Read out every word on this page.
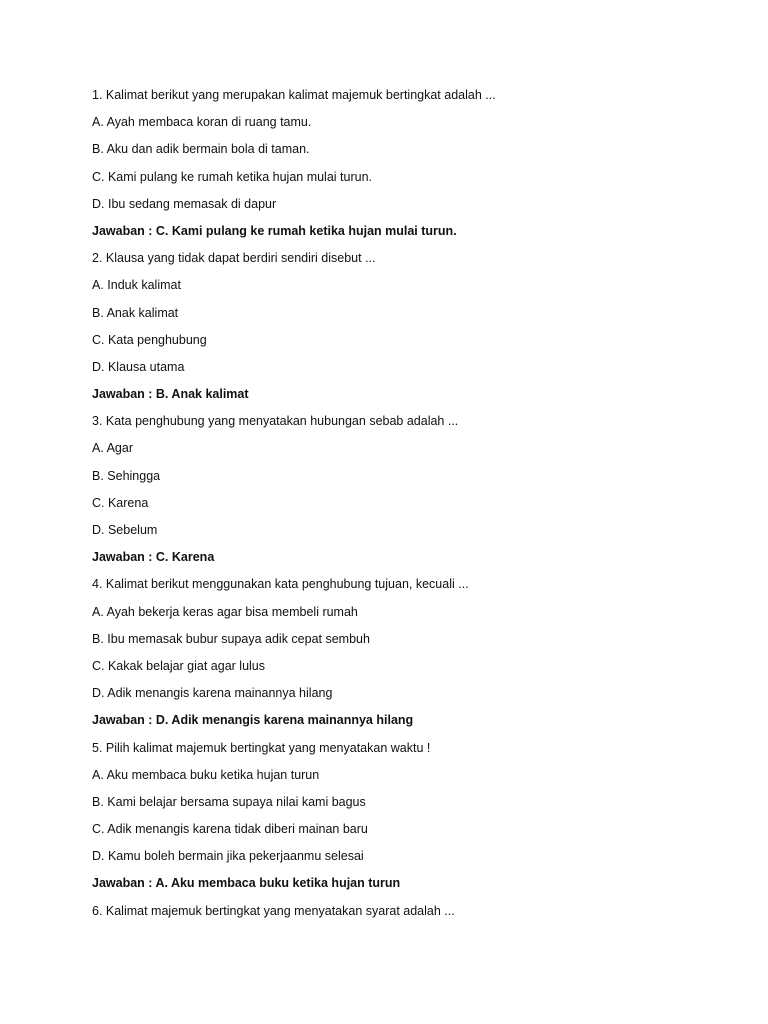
1. Kalimat berikut yang merupakan kalimat majemuk bertingkat adalah ...
A. Ayah membaca koran di ruang tamu.
B. Aku dan adik bermain bola di taman.
C. Kami pulang ke rumah ketika hujan mulai turun.
D. Ibu sedang memasak di dapur
Jawaban : C. Kami pulang ke rumah ketika hujan mulai turun.
2. Klausa yang tidak dapat berdiri sendiri disebut ...
A. Induk kalimat
B. Anak kalimat
C. Kata penghubung
D. Klausa utama
Jawaban : B. Anak kalimat
3. Kata penghubung yang menyatakan hubungan sebab adalah ...
A. Agar
B. Sehingga
C. Karena
D. Sebelum
Jawaban : C. Karena
4. Kalimat berikut menggunakan kata penghubung tujuan, kecuali ...
A. Ayah bekerja keras agar bisa membeli rumah
B. Ibu memasak bubur supaya adik cepat sembuh
C. Kakak belajar giat agar lulus
D. Adik menangis karena mainannya hilang
Jawaban : D. Adik menangis karena mainannya hilang
5. Pilih kalimat majemuk bertingkat yang menyatakan waktu !
A. Aku membaca buku ketika hujan turun
B. Kami belajar bersama supaya nilai kami bagus
C. Adik menangis karena tidak diberi mainan baru
D. Kamu boleh bermain jika pekerjaanmu selesai
Jawaban : A. Aku membaca buku ketika hujan turun
6. Kalimat majemuk bertingkat yang menyatakan syarat adalah ...
